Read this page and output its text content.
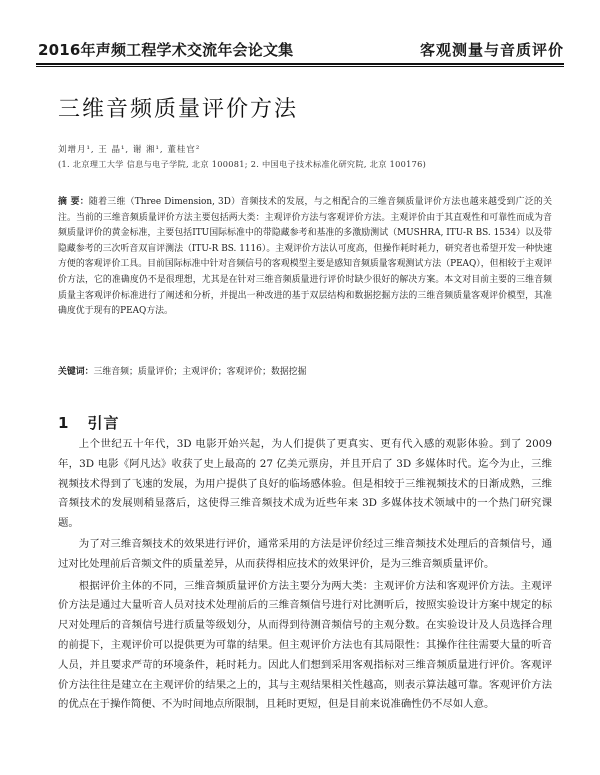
2016年声频工程学术交流年会论文集	客观测量与音质评价
三维音频质量评价方法
刘增月¹, 王 晶¹, 谢 湘¹, 董桂官²
(1. 北京理工大学 信息与电子学院, 北京 100081; 2. 中国电子技术标准化研究院, 北京 100176)
摘 要：随着三维（Three Dimension, 3D）音频技术的发展，与之相配合的三维音频质量评价方法也越来越受到广泛的关注。当前的三维音频质量评价方法主要包括两大类：主观评价方法与客观评价方法。主观评价由于其直观性和可靠性而成为音频质量评价的黄金标准，主要包括ITU国际标准中的带隐藏参考和基准的多激励测试（MUSHRA, ITU-R BS. 1534）以及带隐藏参考的三次听音双盲评测法（ITU-R BS. 1116）。主观评价方法认可度高，但操作耗时耗力，研究者也希望开发一种快速方便的客观评价工具。目前国际标准中针对音频信号的客观模型主要是感知音频质量客观测试方法（PEAQ），但相较于主观评价方法，它的准确度仍不是很理想，尤其是在针对三维音频质量进行评价时缺少很好的解决方案。本文对目前主要的三维音频质量主客观评价标准进行了阐述和分析，并提出一种改进的基于双层结构和数据挖掘方法的三维音频质量客观评价模型，其准确度优于现有的PEAQ方法。
关键词：三维音频；质量评价；主观评价；客观评价；数据挖掘
1 引言

上个世纪五十年代，3D 电影开始兴起，为人们提供了更真实、更有代入感的观影体验。到了 2009 年，3D 电影《阿凡达》收获了史上最高的 27 亿美元票房，并且开启了 3D 多媒体时代。迄今为止，三维视频技术得到了飞速的发展，为用户提供了良好的临场感体验。但是相较于三维视频技术的日渐成熟，三维音频技术的发展则稍显落后，这使得三维音频技术成为近些年来 3D 多媒体技术领域中的一个热门研究课题。

为了对三维音频技术的效果进行评价，通常采用的方法是评价经过三维音频技术处理后的音频信号，通过对比处理前后音频文件的质量差异，从而获得相应技术的效果评价，是为三维音频质量评价。

根据评价主体的不同，三维音频质量评价方法主要分为两大类：主观评价方法和客观评价方法。主观评价方法是通过大量听音人员对技术处理前后的三维音频信号进行对比测听后，按照实验设计方案中规定的标尺对处理后的音频信号进行质量等级划分，从而得到待测音频信号的主观分数。在实验设计及人员选择合理的前提下，主观评价可以提供更为可靠的结果。但主观评价方法也有其局限性：其操作往往需要大量的听音人员，并且要求严苛的环境条件，耗时耗力。因此人们想到采用客观指标对三维音频质量进行评价。客观评价方法往往是建立在主观评价的结果之上的，其与主观结果相关性越高，则表示算法越可靠。客观评价方法的优点在于操作简便、不为时间地点所限制，且耗时更短，但是目前来说准确性仍不尽如人意。
